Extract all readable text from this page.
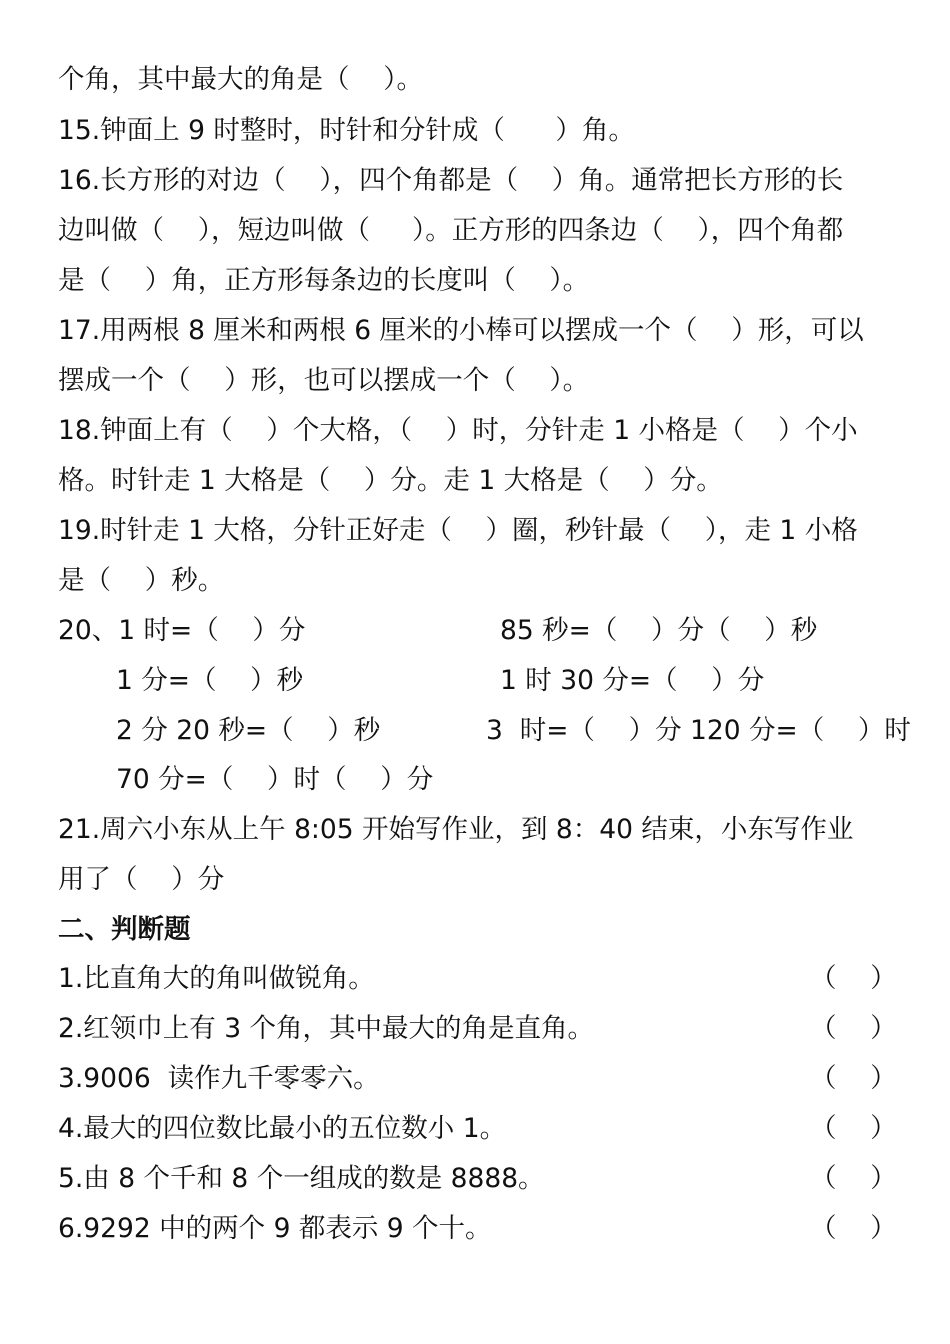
个角，其中最大的角是（    ）。
15.钟面上 9 时整时，时针和分针成（      ）角。
16.长方形的对边（    ），四个角都是（    ）角。通常把长方形的长
边叫做（    ），短边叫做（     ）。正方形的四条边（    ），四个角都
是（    ）角，正方形每条边的长度叫（    ）。
17.用两根 8 厘米和两根 6 厘米的小棒可以摆成一个（    ）形，可以
摆成一个（    ）形，也可以摆成一个（    ）。
18.钟面上有（    ）个大格，（    ）时，分针走 1 小格是（    ）个小
格。时针走 1 大格是（    ）分。走 1 大格是（    ）分。
19.时针走 1 大格，分针正好走（    ）圈，秒针最（    ），走 1 小格
是（    ）秒。
20、1 时=（    ）分	85 秒=（    ）分（    ）秒
1 分=（    ）秒	1 时 30 分=（    ）分
2 分 20 秒=（    ）秒	3  时=（    ）分 120 分=（    ）时
70 分=（    ）时（    ）分
21.周六小东从上午 8:05 开始写作业，到 8：40 结束，小东写作业
用了（    ）分
二、判断题
1.比直角大的角叫做锐角。	（    ）
2.红领巾上有 3 个角，其中最大的角是直角。	（    ）
3.9006  读作九千零零六。	（    ）
4.最大的四位数比最小的五位数小 1。	（    ）
5.由 8 个千和 8 个一组成的数是 8888。	（    ）
6.9292 中的两个 9 都表示 9 个十。	（    ）
